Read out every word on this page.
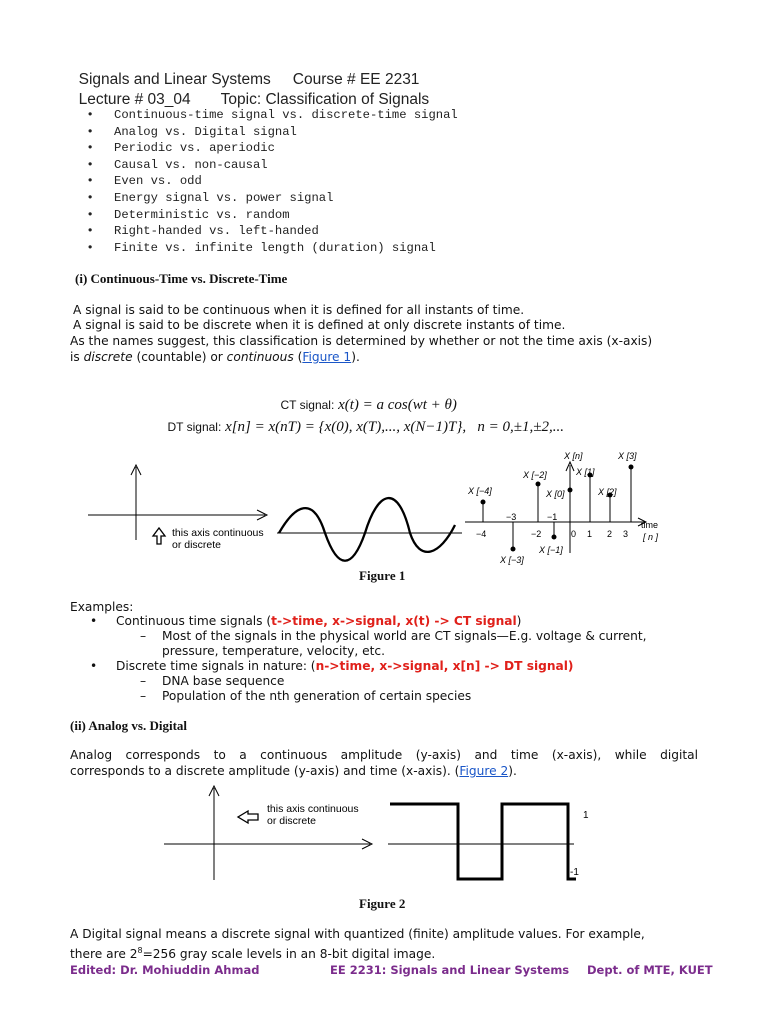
Signals and Linear Systems Course # EE 2231

Lecture # 03_04 Topic: Classification of Signals

• Continuous-time signal vs. discrete-time signal
• Analog vs. Digital signal
• Periodic vs. aperiodic
• Causal vs. non-causal
• Even vs. odd
• Energy signal vs. power signal
• Deterministic vs. random
• Right-handed vs. left-handed
• Finite vs. infinite length (duration) signal
(i) Continuous-Time vs. Discrete-Time
A signal is said to be continuous when it is defined for all instants of time.
A signal is said to be discrete when it is defined at only discrete instants of time.
As the names suggest, this classification is determined by whether or not the time axis (x-axis)
is discrete (countable) or continuous (Figure 1).

CT signal: x(t) = a cos(wt + θ)

DT signal: x[n] = x(nT) = {x(0), x(T),..., x(N−1)T},   n = 0,±1,±2,...

this axis continuous
or discrete
X [n]
X [−4]
X [−3]
X [−2]
X [−1]
X [0]
X [1]
X [2]
X [3]
time
[ n ]
−4
−3
−2
−1
0 1 2 3
Figure 1
Examples:
• Continuous time signals (t->time, x->signal, x(t) -> CT signal)
– Most of the signals in the physical world are CT signals—E.g. voltage & current,
pressure, temperature, velocity, etc.
• Discrete time signals in nature: (n->time, x->signal, x[n] -> DT signal)
– DNA base sequence
– Population of the nth generation of certain species
(ii) Analog vs. Digital
Analog corresponds to a continuous amplitude (y-axis) and time (x-axis), while digital
corresponds to a discrete amplitude (y-axis) and time (x-axis). (Figure 2).
this axis continuous
or discrete	1
-1
Figure 2
A Digital signal means a discrete signal with quantized (finite) amplitude values. For example,
there are $2^8=256$ gray scale levels in an 8-bit digital image.
Edited: Dr. Mohiuddin Ahmad	EE 2231: Signals and Linear Systems Dept. of MTE, KUET
